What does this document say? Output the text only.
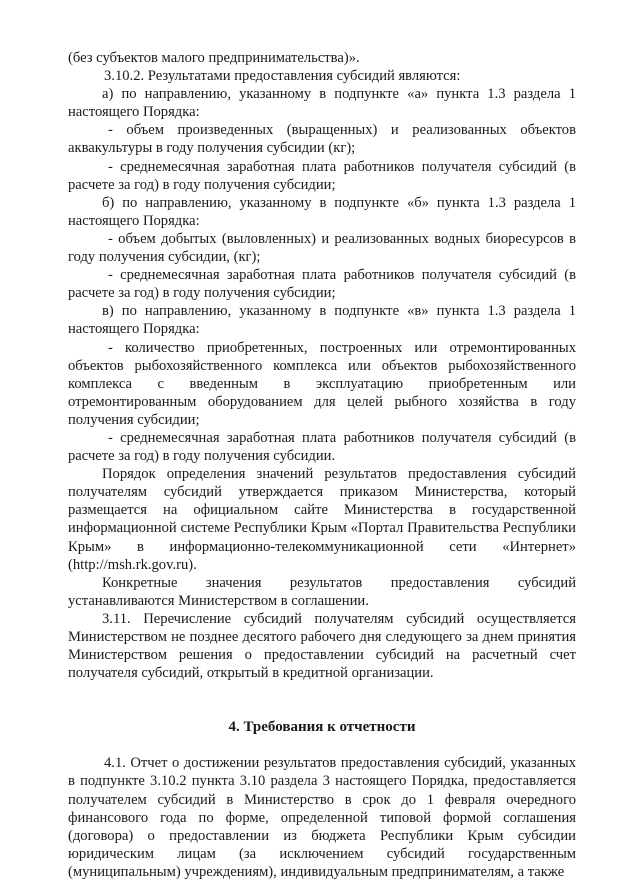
(без субъектов малого предпринимательства)».

3.10.2. Результатами предоставления субсидий являются:

а) по направлению, указанному в подпункте «а» пункта 1.3 раздела 1 настоящего Порядка:

- объем произведенных (выращенных) и реализованных объектов аквакультуры в году получения субсидии (кг);

- среднемесячная заработная плата работников получателя субсидий (в расчете за год) в году получения субсидии;

б) по направлению, указанному в подпункте «б» пункта 1.3 раздела 1 настоящего Порядка:

- объем добытых (выловленных) и реализованных водных биоресурсов в году получения субсидии, (кг);

- среднемесячная заработная плата работников получателя субсидий (в расчете за год) в году получения субсидии;

в) по направлению, указанному в подпункте «в» пункта 1.3 раздела 1 настоящего Порядка:

- количество приобретенных, построенных или отремонтированных объектов рыбохозяйственного комплекса или объектов рыбохозяйственного комплекса с введенным в эксплуатацию приобретенным или отремонтированным оборудованием для целей рыбного хозяйства в году получения субсидии;

- среднемесячная заработная плата работников получателя субсидий (в расчете за год) в году получения субсидии.

Порядок определения значений результатов предоставления субсидий получателям субсидий утверждается приказом Министерства, который размещается на официальном сайте Министерства в государственной информационной системе Республики Крым «Портал Правительства Республики Крым» в информационно-телекоммуникационной сети «Интернет» (http://msh.rk.gov.ru).

Конкретные значения результатов предоставления субсидий устанавливаются Министерством в соглашении.

3.11. Перечисление субсидий получателям субсидий осуществляется Министерством не позднее десятого рабочего дня следующего за днем принятия Министерством решения о предоставлении субсидий на расчетный счет получателя субсидий, открытый в кредитной организации.

4. Требования к отчетности

4.1. Отчет о достижении результатов предоставления субсидий, указанных в подпункте 3.10.2 пункта 3.10 раздела 3 настоящего Порядка, предоставляется получателем субсидий в Министерство в срок до 1 февраля очередного финансового года по форме, определенной типовой формой соглашения (договора) о предоставлении из бюджета Республики Крым субсидии юридическим лицам (за исключением субсидий государственным (муниципальным) учреждениям), индивидуальным предпринимателям, а также
